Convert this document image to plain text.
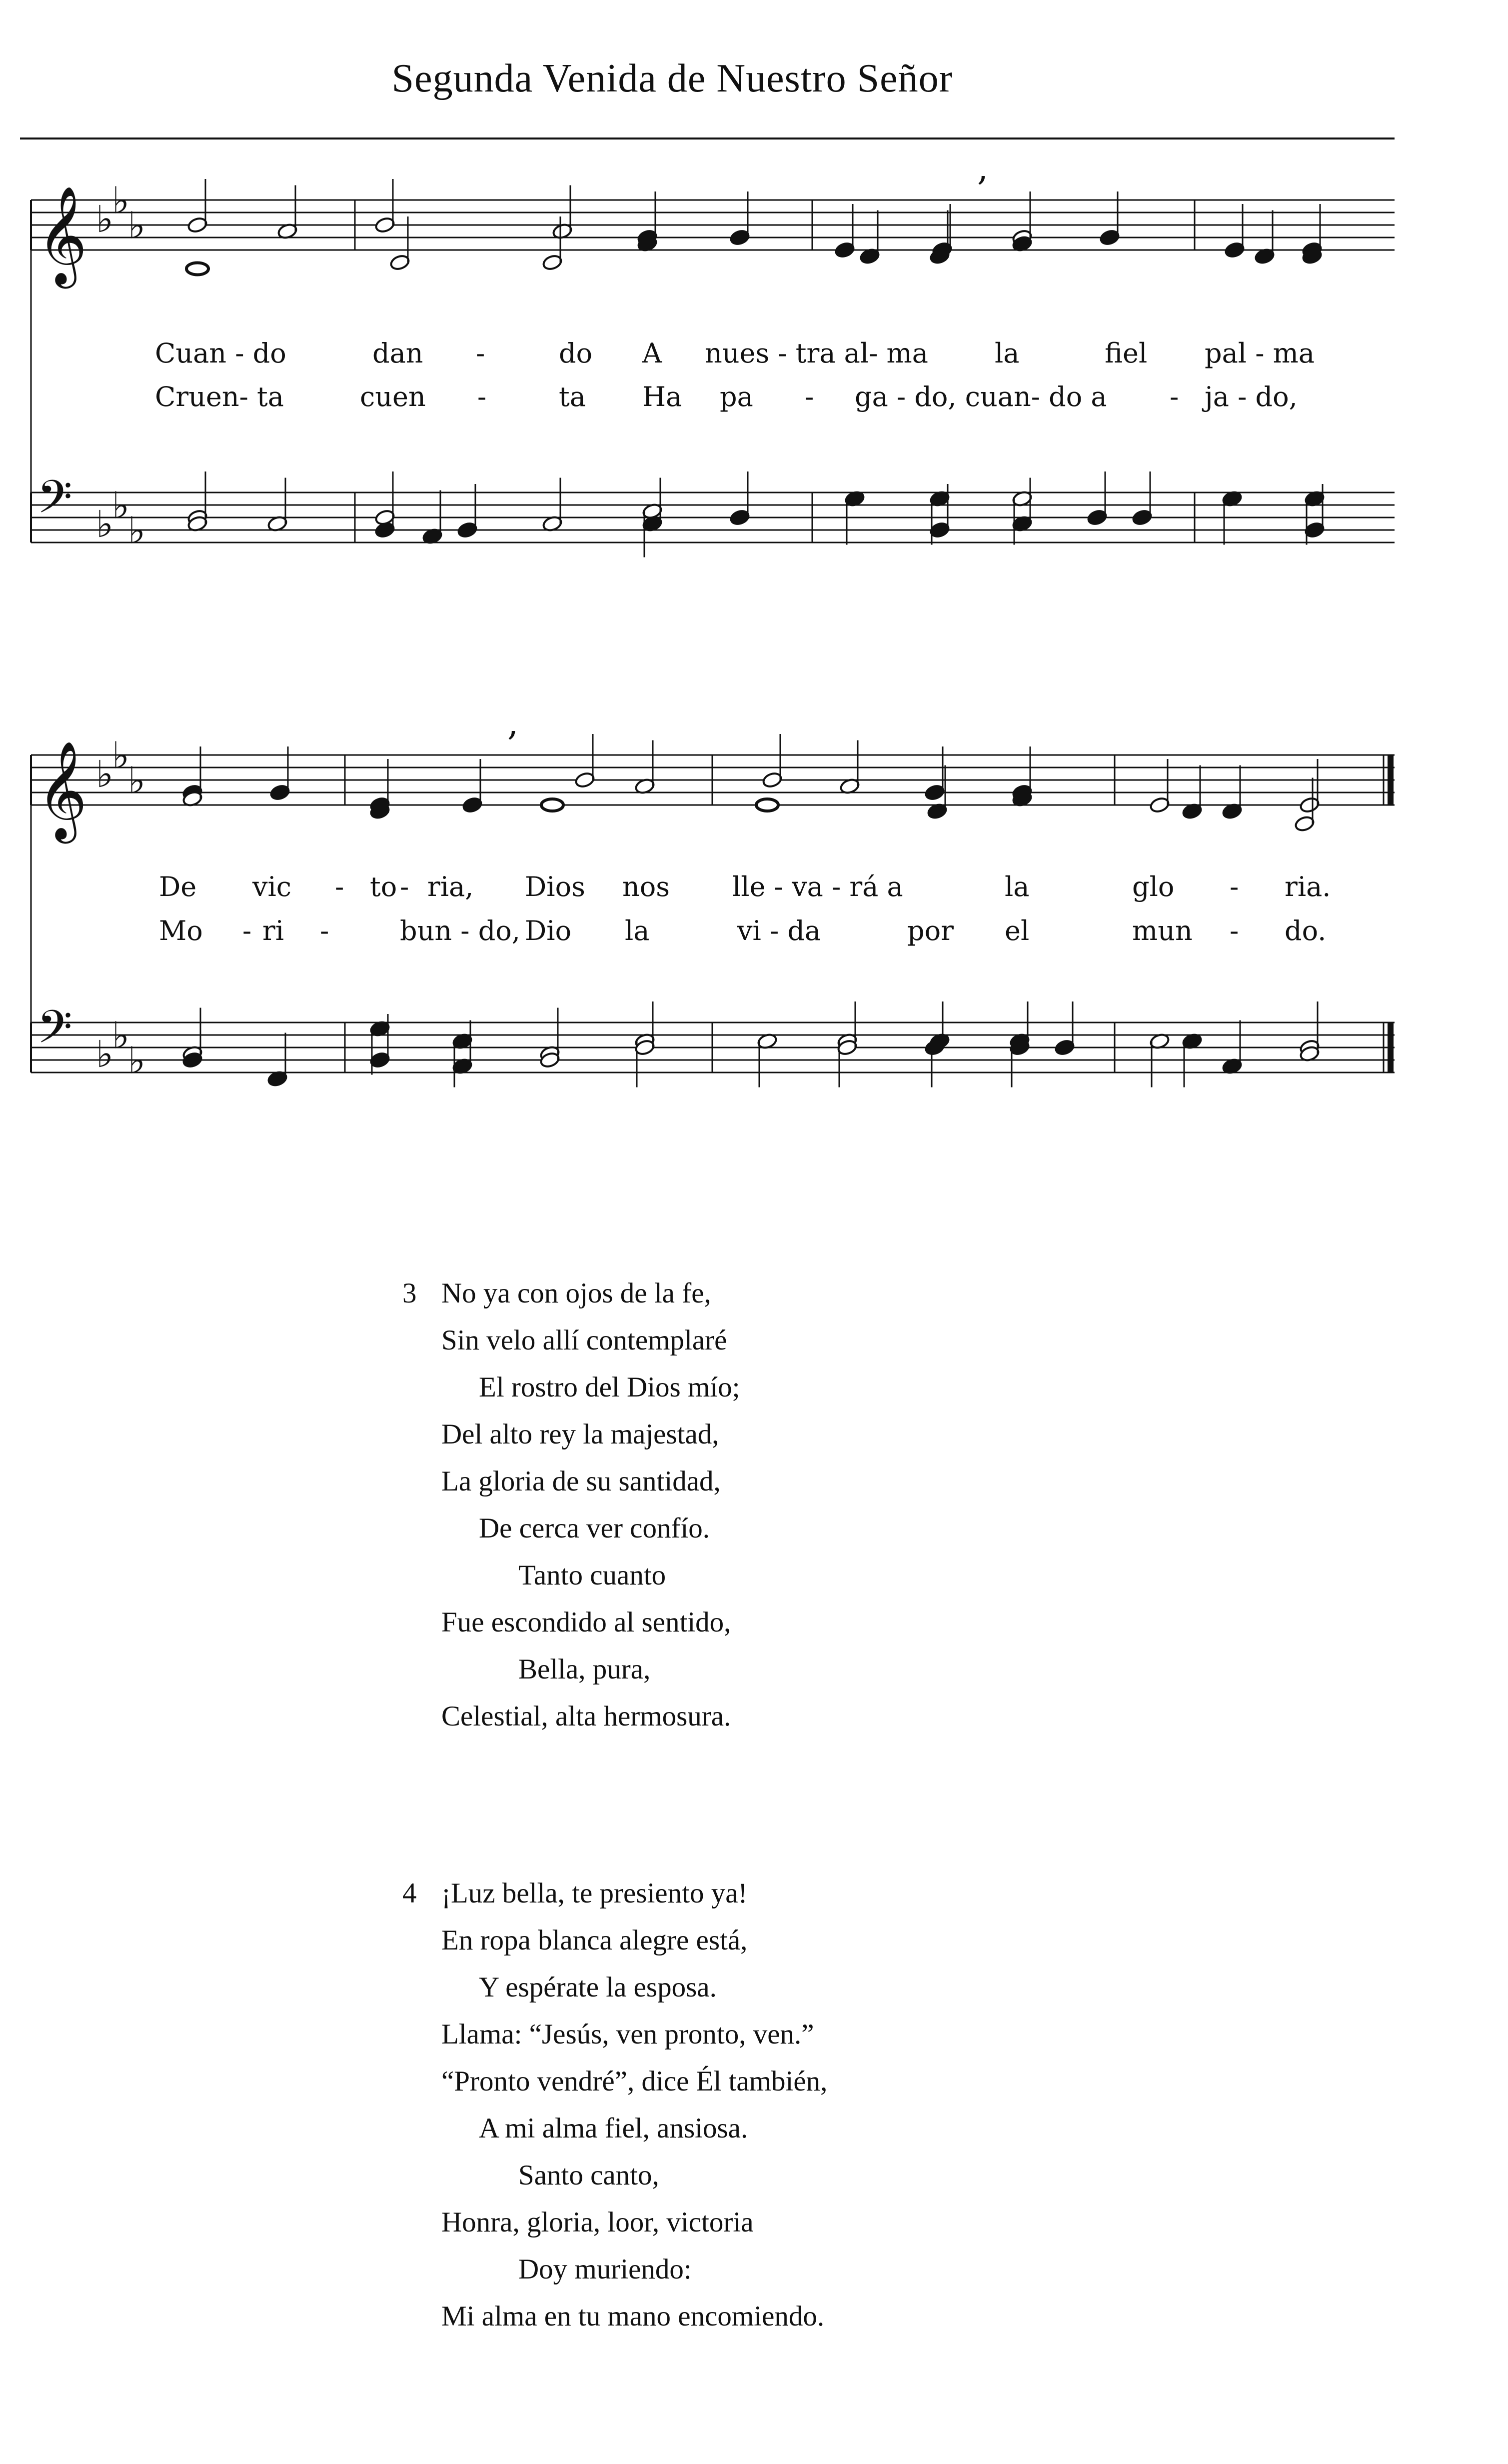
Segunda Venida de Nuestro Señor
𝄞 ♭
♭
♭
𝄢 ♭
♭
♭
𝄞 ♭
♭
♭
𝄢 ♭
♭
♭
,
,
Cuan - do	dan -	do A nues - tra al- ma la	fiel pal - ma
Cruen- ta	cuen -	ta Ha pa - ga - do, cuan- do a - ja - do,
De vic - to - ria, Dios nos lle - va - rá a	la	glo - ria.
Mo - ri -	bun - do, Dio la	vi - da	por el	mun - do.
3 No ya con ojos de la fe,
Sin velo allí contemplaré
El rostro del Dios mío;
Del alto rey la majestad,
La gloria de su santidad,
De cerca ver confío.
Tanto cuanto
Fue escondido al sentido,
Bella, pura,
Celestial, alta hermosura.
4 ¡Luz bella, te presiento ya!
En ropa blanca alegre está,
Y espérate la esposa.
Llama: “Jesús, ven pronto, ven.”
“Pronto vendré”, dice Él también,
A mi alma fiel, ansiosa.
Santo canto,
Honra, gloria, loor, victoria
Doy muriendo:
Mi alma en tu mano encomiendo.
